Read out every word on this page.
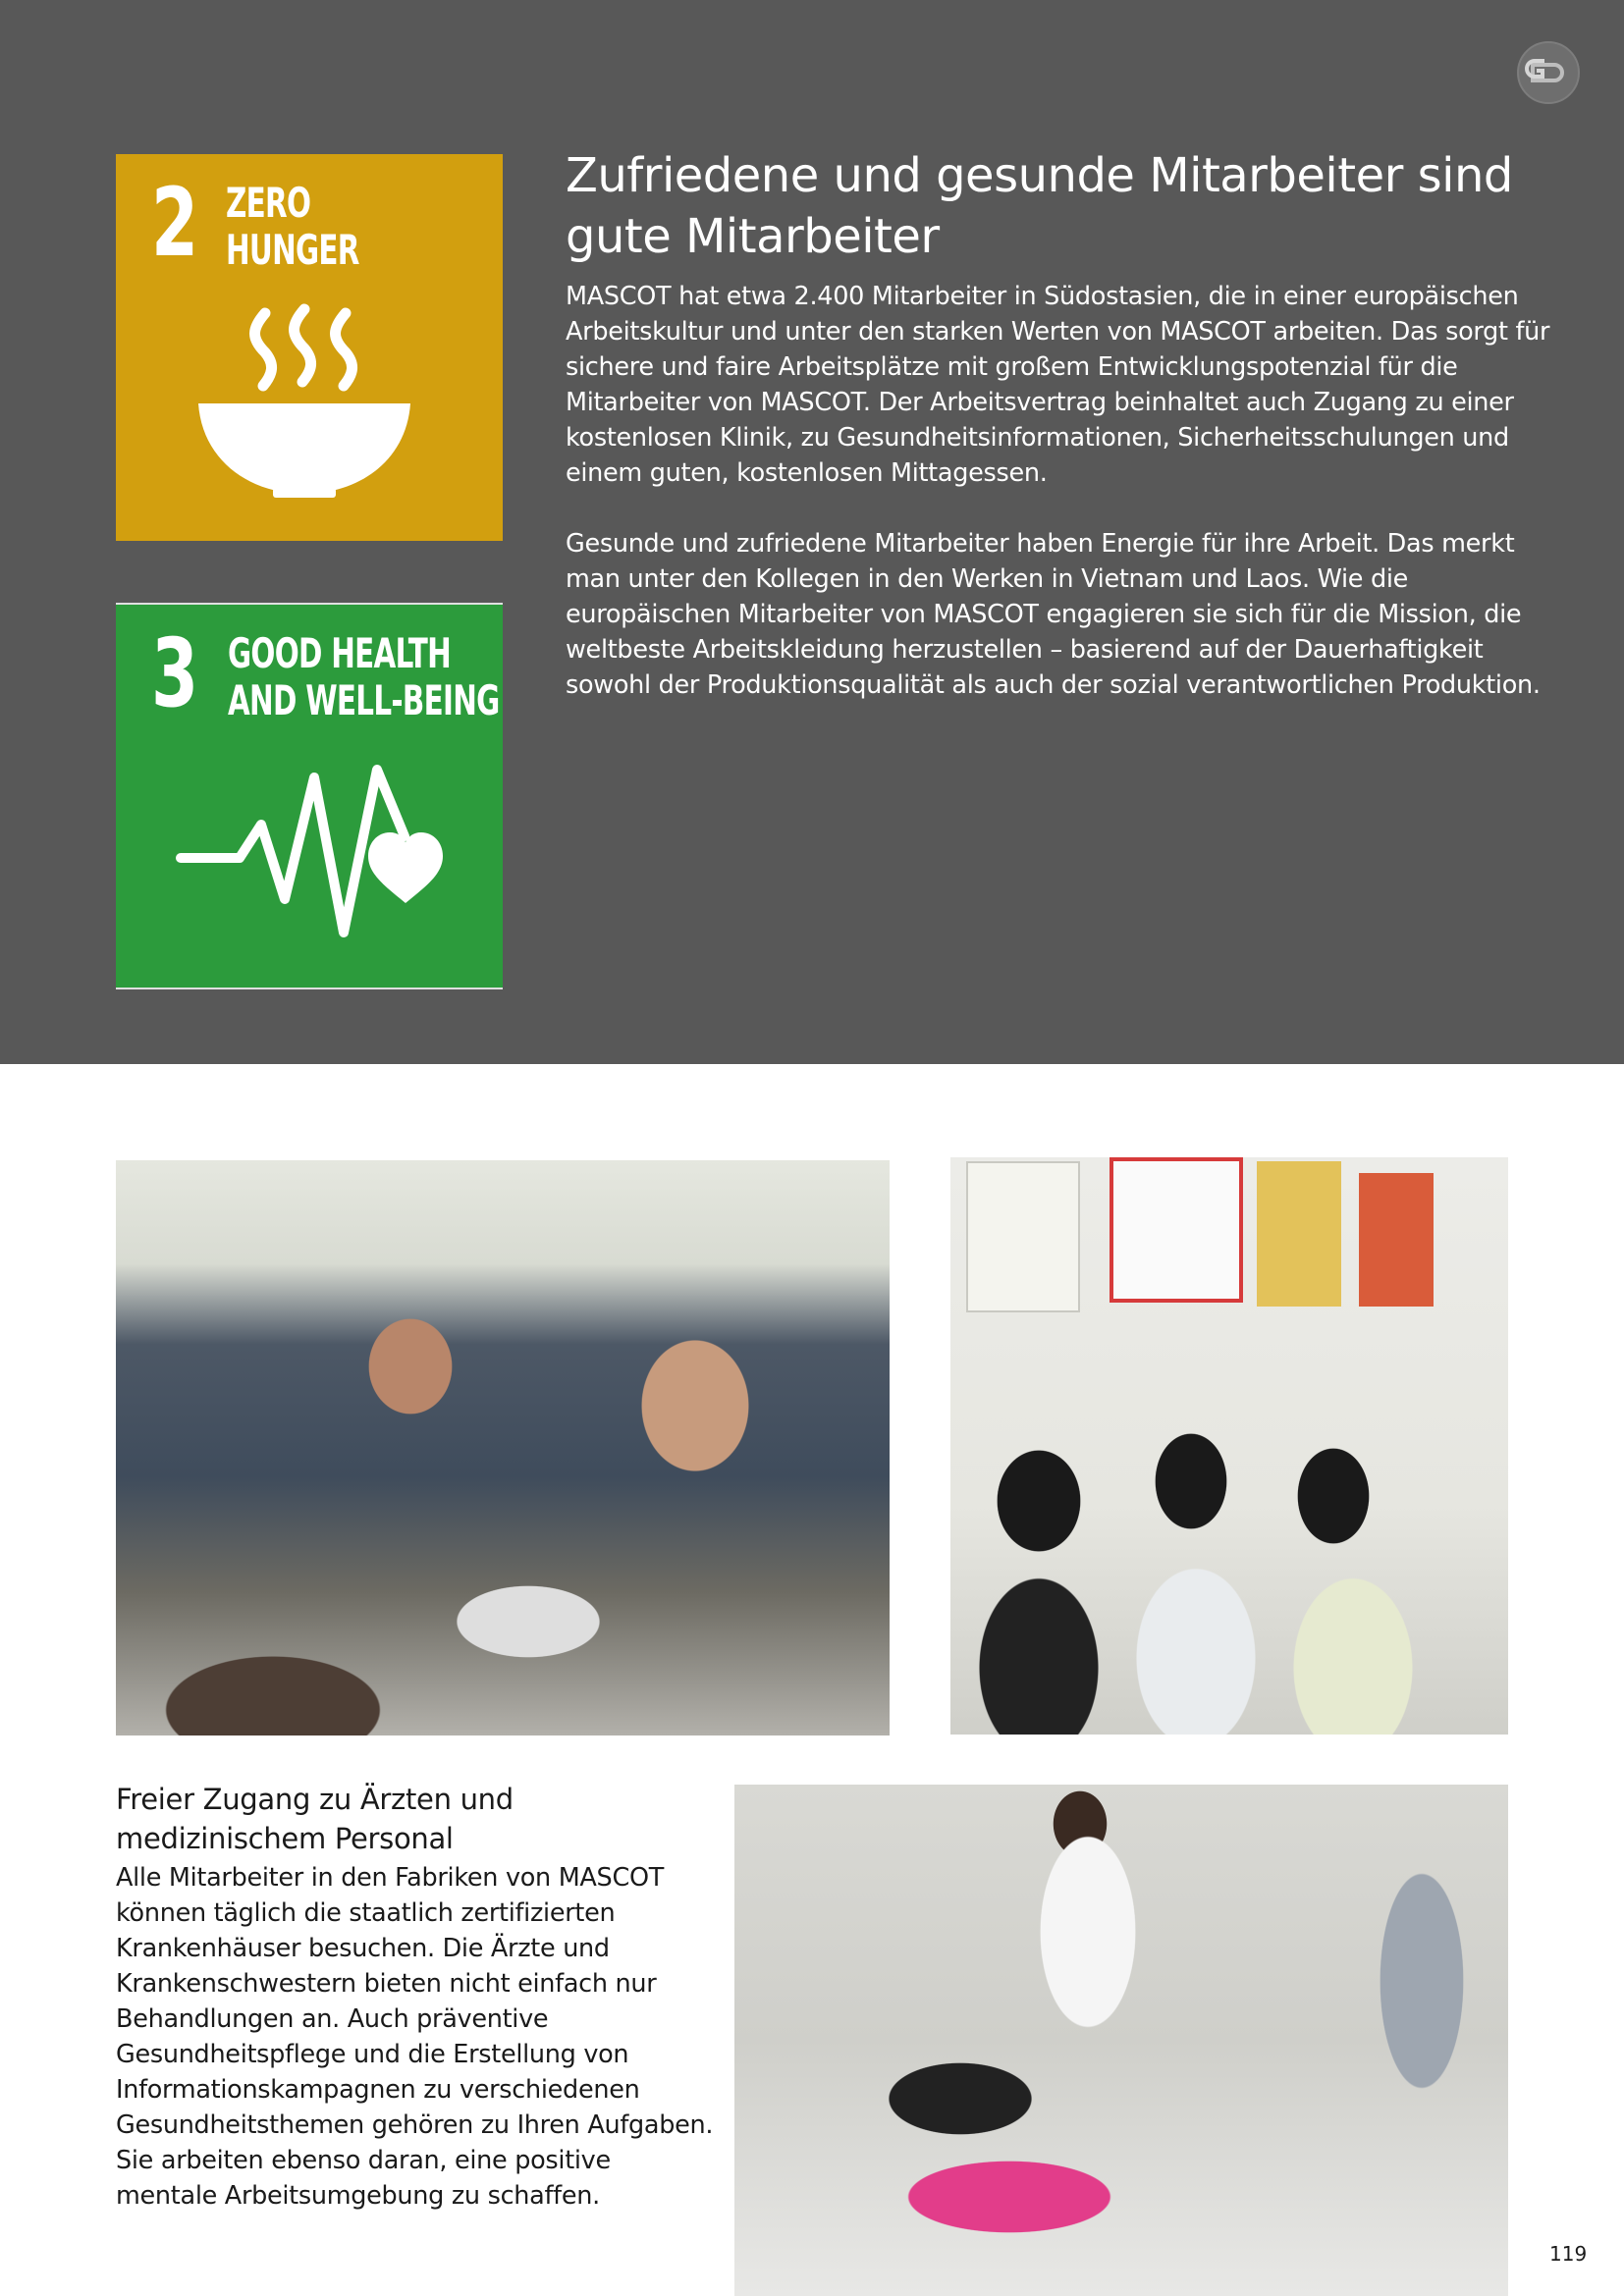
2 ZERO
HUNGER
3 GOOD HEALTH
AND WELL-BEING
Zufriedene und gesunde Mitarbeiter sind gute Mitarbeiter

MASCOT hat etwa 2.400 Mitarbeiter in Südostasien, die in einer europäischen Arbeitskultur und unter den starken Werten von MASCOT arbeiten. Das sorgt für sichere und faire Arbeitsplätze mit großem Entwicklungspotenzial für die Mitarbeiter von MASCOT. Der Arbeitsvertrag beinhaltet auch Zugang zu einer kostenlosen Klinik, zu Gesundheitsinformationen, Sicherheitsschulungen und einem guten, kostenlosen Mittagessen.

Gesunde und zufriedene Mitarbeiter haben Energie für ihre Arbeit. Das merkt man unter den Kollegen in den Werken in Vietnam und Laos. Wie die europäischen Mitarbeiter von MASCOT engagieren sie sich für die Mission, die weltbeste Arbeitskleidung herzustellen – basierend auf der Dauerhaftigkeit sowohl der Produktionsqualität als auch der sozial verantwortlichen Produktion.

Freier Zugang zu Ärzten und medizinischem Personal

Alle Mitarbeiter in den Fabriken von MASCOT können täglich die staatlich zertifizierten Krankenhäuser besuchen. Die Ärzte und Krankenschwestern bieten nicht einfach nur Behandlungen an. Auch präventive Gesundheitspflege und die Erstellung von Informationskampagnen zu verschiedenen Gesundheitsthemen gehören zu Ihren Aufgaben. Sie arbeiten ebenso daran, eine positive mentale Arbeitsumgebung zu schaffen.

119
